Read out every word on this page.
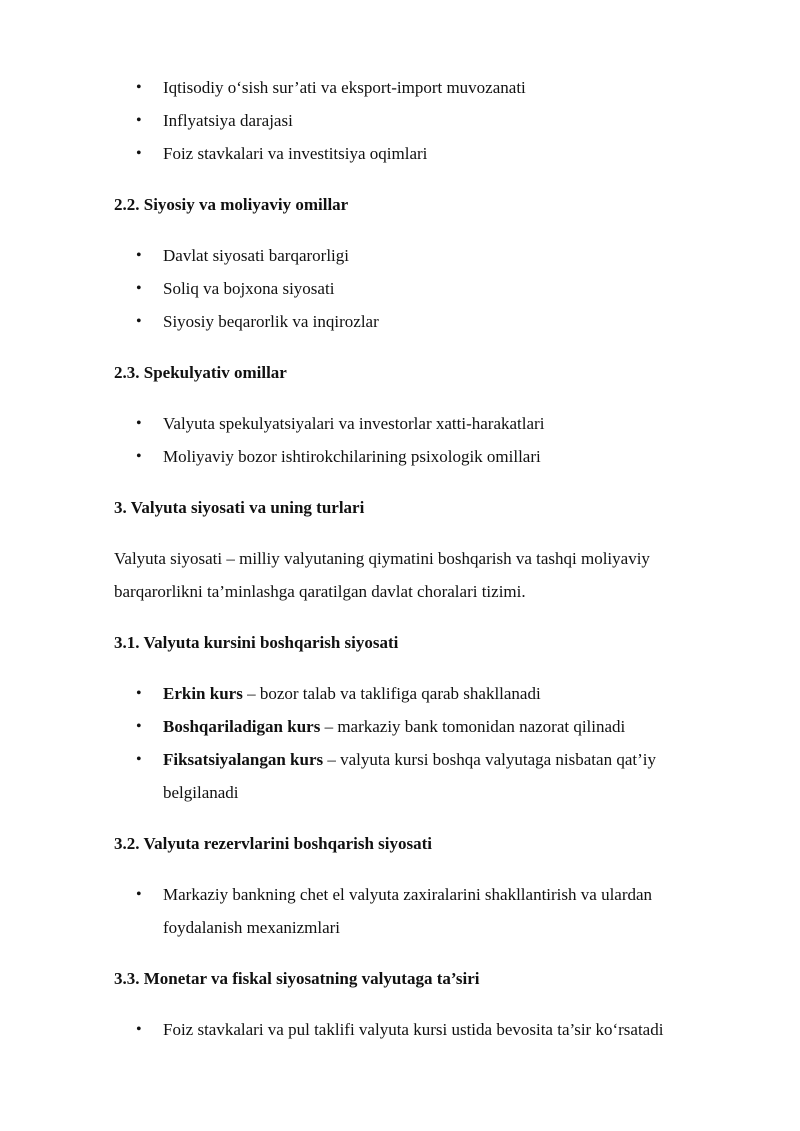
• Iqtisodiy o‘sish sur’ati va eksport-import muvozanati
• Inflyatsiya darajasi
• Foiz stavkalari va investitsiya oqimlari

2.2. Siyosiy va moliyaviy omillar

• Davlat siyosati barqarorligi
• Soliq va bojxona siyosati
• Siyosiy beqarorlik va inqirozlar

2.3. Spekulyativ omillar

• Valyuta spekulyatsiyalari va investorlar xatti-harakatlari
• Moliyaviy bozor ishtirokchilarining psixologik omillari

3. Valyuta siyosati va uning turlari

Valyuta siyosati – milliy valyutaning qiymatini boshqarish va tashqi moliyaviy barqarorlikni ta’minlashga qaratilgan davlat choralari tizimi.

3.1. Valyuta kursini boshqarish siyosati

• Erkin kurs – bozor talab va taklifiga qarab shakllanadi
• Boshqariladigan kurs – markaziy bank tomonidan nazorat qilinadi
• Fiksatsiyalangan kurs – valyuta kursi boshqa valyutaga nisbatan qat’iy belgilanadi

3.2. Valyuta rezervlarini boshqarish siyosati

• Markaziy bankning chet el valyuta zaxiralarini shakllantirish va ulardan foydalanish mexanizmlari

3.3. Monetar va fiskal siyosatning valyutaga ta’siri

• Foiz stavkalari va pul taklifi valyuta kursi ustida bevosita ta’sir ko‘rsatadi
